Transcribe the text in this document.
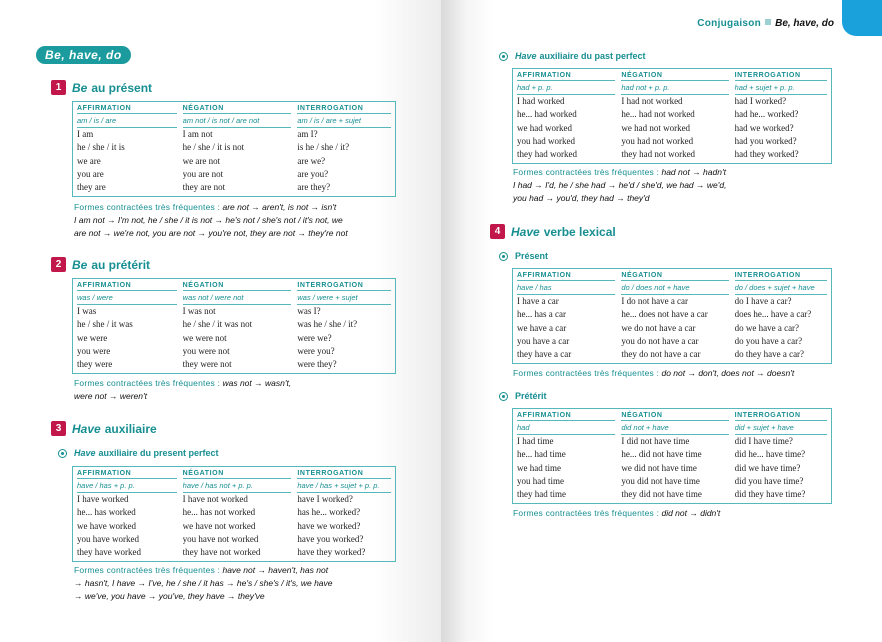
Be, have, do
1 Be au présent
AFFIRMATION		NÉGATION		INTERROGATION
am / is / are		am not / is not / are not		am / is / are + sujet
I am		I am not		am I?
he / she / it is		he / she / it is not		is he / she / it?
we are		we are not		are we?
you are		you are not		are you?
they are		they are not		are they?
Formes contractées très fréquentes : are not → aren't, is not → isn't
I am not → I'm not, he / she / it is not → he's not / she's not / it's not, we
are not → we're not, you are not → you're not, they are not → they're not
2 Be au prétérit
AFFIRMATION		NÉGATION		INTERROGATION
was / were		was not / were not		was / were + sujet
I was		I was not		was I?
he / she / it was		he / she / it was not		was he / she / it?
we were		we were not		were we?
you were		you were not		were you?
they were		they were not		were they?
Formes contractées très fréquentes : was not → wasn't,
were not → weren't
3 Have auxiliaire
Have auxiliaire du present perfect
AFFIRMATION		NÉGATION		INTERROGATION
have / has + p. p.		have / has not + p. p.		have / has + sujet + p. p.
I have worked		I have not worked		have I worked?
he... has worked		he... has not worked		has he... worked?
we have worked		we have not worked		have we worked?
you have worked		you have not worked		have you worked?
they have worked		they have not worked		have they worked?
Formes contractées très fréquentes : have not → haven't, has not
→ hasn't, I have → I've, he / she / it has → he's / she's / it's, we have
→ we've, you have → you've, they have → they've
Conjugaison Be, have, do
Have auxiliaire du past perfect
AFFIRMATION		NÉGATION		INTERROGATION
had + p. p.		had not + p. p.		had + sujet + p. p.
I had worked		I had not worked		had I worked?
he... had worked		he... had not worked		had he... worked?
we had worked		we had not worked		had we worked?
you had worked		you had not worked		had you worked?
they had worked		they had not worked		had they worked?
Formes contractées très fréquentes : had not → hadn't
I had → I'd, he / she had → he'd / she'd, we had → we'd,
you had → you'd, they had → they'd
4 Have verbe lexical
Présent
AFFIRMATION		NÉGATION		INTERROGATION
have / has		do / does not + have		do / does + sujet + have
I have a car		I do not have a car		do I have a car?
he... has a car		he... does not have a car		does he... have a car?
we have a car		we do not have a car		do we have a car?
you have a car		you do not have a car		do you have a car?
they have a car		they do not have a car		do they have a car?
Formes contractées très fréquentes : do not → don't, does not → doesn't
Prétérit
AFFIRMATION		NÉGATION		INTERROGATION
had		did not + have		did + sujet + have
I had time		I did not have time		did I have time?
he... had time		he... did not have time		did he... have time?
we had time		we did not have time		did we have time?
you had time		you did not have time		did you have time?
they had time		they did not have time		did they have time?
Formes contractées très fréquentes : did not → didn't
